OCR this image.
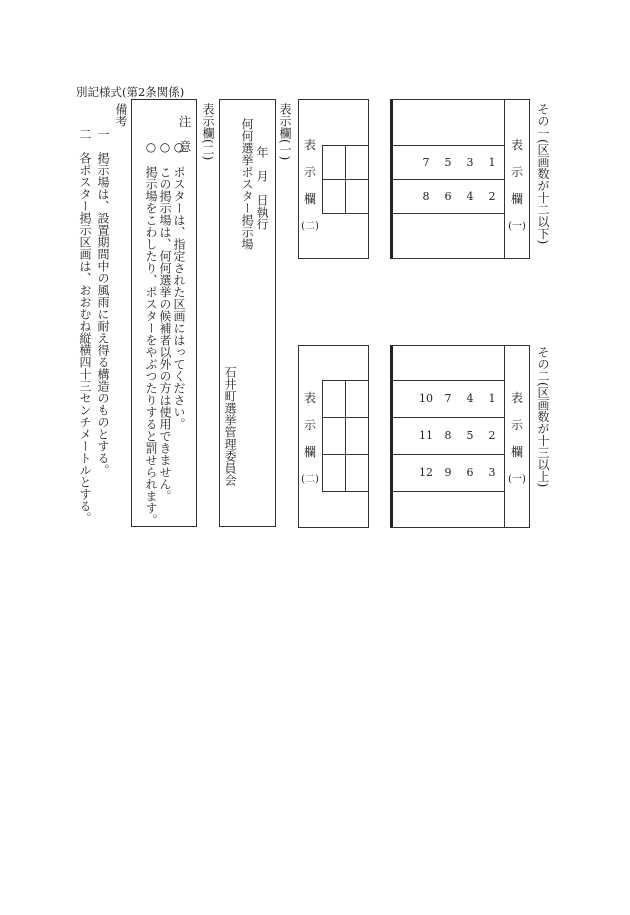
別記様式(第2条関係)
備考
一　掲示場は、設置期間中の風雨に耐え得る構造のものとする。
二　各ポスター掲示区画は、おおむね縦横四十三センチメートルとする。	注　意
○　ポスターは、指定された区画にはってください。
○　この掲示場は、何何選挙の候補者以外の方は使用できません。
○　掲示場をこわしたり、ポスターをやぶつたりすると罰せられます。
表示欄(二)
年　月　日執行
何何選挙ポスター掲示場
石井町選挙管理委員会
表示欄(一) 表
示
欄
(二)
7	5	3	1
8	6	4	2
表
示
欄
(一) その一(区画数が十二以下)
表
示
欄
(二)
10	7	4	1
11	8	5	2
12	9	6	3
表
示
欄
(一) その二(区画数が十三以上)
